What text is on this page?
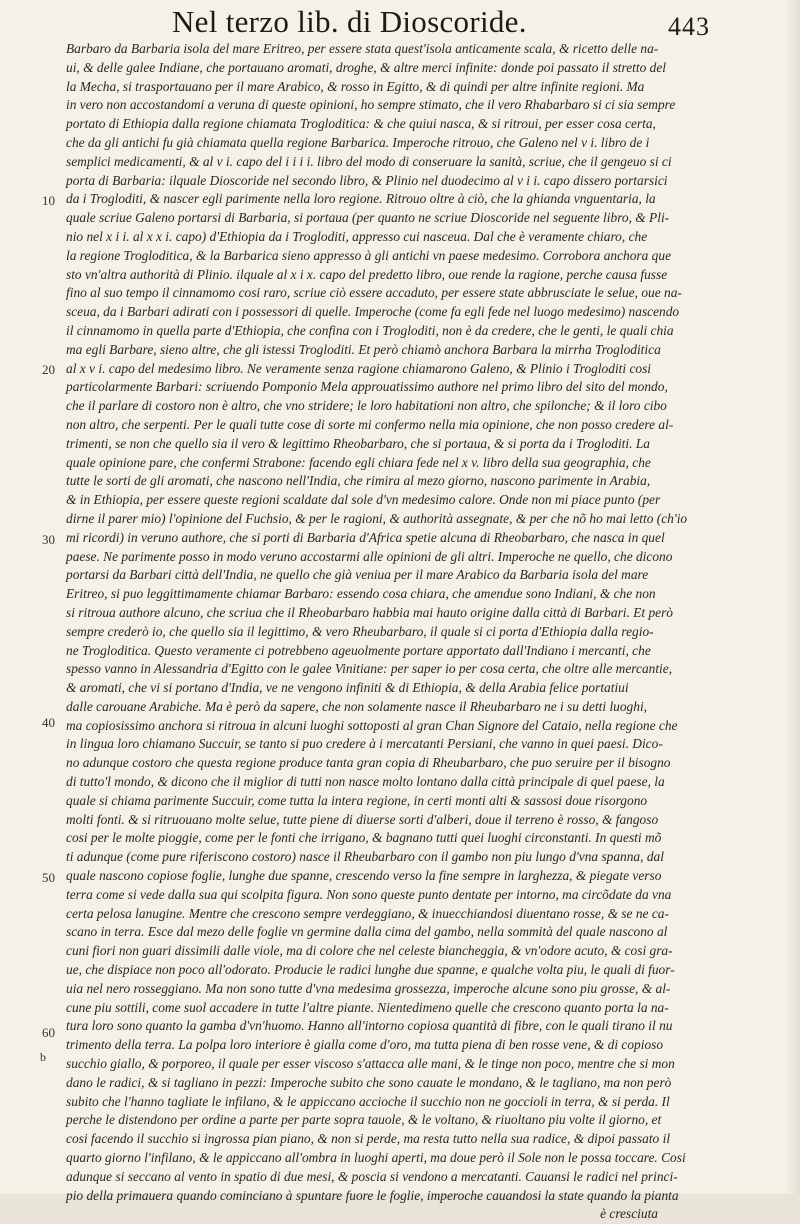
Nel terzo lib. di Dioscoride.	443
10
20
30
40
50
60
b
Barbaro da Barbaria isola del mare Eritreo, per essere stata quest'isola anticamente scala, & ricetto delle na-
ui, & delle galee Indiane, che portauano aromati, droghe, & altre merci infinite: donde poi passato il stretto del
la Mecha, si trasportauano per il mare Arabico, & rosso in Egitto, & di quindi per altre infinite regioni. Ma
in vero non accostandomi a veruna di queste opinioni, ho sempre stimato, che il vero Rhabarbaro si ci sia sempre
portato di Ethiopia dalla regione chiamata Trogloditica: & che quiui nasca, & si ritroui, per esser cosa certa,
che da gli antichi fu già chiamata quella regione Barbarica. Imperoche ritrouo, che Galeno nel v i. libro de i
semplici medicamenti, & al v i. capo del i i i i. libro del modo di conseruare la sanità, scriue, che il gengeuo si ci
porta di Barbaria: ilquale Dioscoride nel secondo libro, & Plinio nel duodecimo al v i i. capo dissero portarsici
da i Trogloditi, & nascer egli parimente nella loro regione. Ritrouo oltre à ciò, che la ghianda vnguentaria, la
quale scriue Galeno portarsi di Barbaria, si portaua (per quanto ne scriue Dioscoride nel seguente libro, & Pli-
nio nel x i i. al x x i. capo) d'Ethiopia da i Trogloditi, appresso cui nasceua. Dal che è veramente chiaro, che
la regione Trogloditica, & la Barbarica sieno appresso à gli antichi vn paese medesimo. Corrobora anchora que
sto vn'altra authorità di Plinio. ilquale al x i x. capo del predetto libro, oue rende la ragione, perche causa fusse
fino al suo tempo il cinnamomo cosi raro, scriue ciò essere accaduto, per essere state abbrusciate le selue, oue na-
sceua, da i Barbari adirati con i possessori di quelle. Imperoche (come fa egli fede nel luogo medesimo) nascendo
il cinnamomo in quella parte d'Ethiopia, che confina con i Trogloditi, non è da credere, che le genti, le quali chia
ma egli Barbare, sieno altre, che gli istessi Trogloditi. Et però chiamò anchora Barbara la mirrha Trogloditica
al x v i. capo del medesimo libro. Ne veramente senza ragione chiamarono Galeno, & Plinio i Trogloditi cosi
particolarmente Barbari: scriuendo Pomponio Mela approuatissimo authore nel primo libro del sito del mondo,
che il parlare di costoro non è altro, che vno stridere; le loro habitationi non altro, che spilonche; & il loro cibo
non altro, che serpenti. Per le quali tutte cose di sorte mi confermo nella mia opinione, che non posso credere al-
trimenti, se non che quello sia il vero & legittimo Rheobarbaro, che si portaua, & si porta da i Trogloditi. La
quale opinione pare, che confermi Strabone: facendo egli chiara fede nel x v. libro della sua geographia, che
tutte le sorti de gli aromati, che nascono nell'India, che rimira al mezo giorno, nascono parimente in Arabia,
& in Ethiopia, per essere queste regioni scaldate dal sole d'vn medesimo calore. Onde non mi piace punto (per
dirne il parer mio) l'opinione del Fuchsio, & per le ragioni, & authorità assegnate, & per che nõ ho mai letto (ch'io
mi ricordi) in veruno authore, che si porti di Barbaria d'Africa spetie alcuna di Rheobarbaro, che nasca in quel
paese. Ne parimente posso in modo veruno accostarmi alle opinioni de gli altri. Imperoche ne quello, che dicono
portarsi da Barbari città dell'India, ne quello che già veniua per il mare Arabico da Barbaria isola del mare
Eritreo, si puo leggittimamente chiamar Barbaro: essendo cosa chiara, che amendue sono Indiani, & che non
si ritroua authore alcuno, che scriua che il Rheobarbaro habbia mai hauto origine dalla città di Barbari. Et però
sempre crederò io, che quello sia il legittimo, & vero Rheubarbaro, il quale si ci porta d'Ethiopia dalla regio-
ne Trogloditica. Questo veramente ci potrebbeno ageuolmente portare apportato dall'Indiano i mercanti, che
spesso vanno in Alessandria d'Egitto con le galee Vinitiane: per saper io per cosa certa, che oltre alle mercantie,
& aromati, che vi si portano d'India, ve ne vengono infiniti & di Ethiopia, & della Arabia felice portatiui
dalle carouane Arabiche. Ma è però da sapere, che non solamente nasce il Rheubarbaro ne i su detti luoghi,
ma copiosissimo anchora si ritroua in alcuni luoghi sottoposti al gran Chan Signore del Cataio, nella regione che
in lingua loro chiamano Succuir, se tanto si puo credere à i mercatanti Persiani, che vanno in quei paesi. Dico-
no adunque costoro che questa regione produce tanta gran copia di Rheubarbaro, che puo seruire per il bisogno
di tutto'l mondo, & dicono che il miglior di tutti non nasce molto lontano dalla città principale di quel paese, la
quale si chiama parimente Succuir, come tutta la intera regione, in certi monti alti & sassosi doue risorgono
molti fonti. & si ritruouano molte selue, tutte piene di diuerse sorti d'alberi, doue il terreno è rosso, & fangoso
cosi per le molte pioggie, come per le fonti che irrigano, & bagnano tutti quei luoghi circonstanti. In questi mõ
ti adunque (come pure riferiscono costoro) nasce il Rheubarbaro con il gambo non piu lungo d'vna spanna, dal
quale nascono copiose foglie, lunghe due spanne, crescendo verso la fine sempre in larghezza, & piegate verso
terra come si vede dalla sua qui scolpita figura. Non sono queste punto dentate per intorno, ma circõdate da vna
certa pelosa lanugine. Mentre che crescono sempre verdeggiano, & inuecchiandosi diuentano rosse, & se ne ca-
scano in terra. Esce dal mezo delle foglie vn germine dalla cima del gambo, nella sommità del quale nascono al
cuni fiori non guari dissimili dalle viole, ma di colore che nel celeste biancheggia, & vn'odore acuto, & cosi gra-
ue, che dispiace non poco all'odorato. Producie le radici lunghe due spanne, e qualche volta piu, le quali di fuor-
uia nel nero rosseggiano. Ma non sono tutte d'vna medesima grossezza, imperoche alcune sono piu grosse, & al-
cune piu sottili, come suol accadere in tutte l'altre piante. Nientedimeno quelle che crescono quanto porta la na-
tura loro sono quanto la gamba d'vn'huomo. Hanno all'intorno copiosa quantità di fibre, con le quali tirano il nu
trimento della terra. La polpa loro interiore è gialla come d'oro, ma tutta piena di ben rosse vene, & di copioso
succhio giallo, & porporeo, il quale per esser viscoso s'attacca alle mani, & le tinge non poco, mentre che si mon
dano le radici, & si tagliano in pezzi: Imperoche subito che sono cauate le mondano, & le tagliano, ma non però
subito che l'hanno tagliate le infilano, & le appiccano accioche il succhio non ne goccioli in terra, & si perda. Il
perche le distendono per ordine a parte per parte sopra tauole, & le voltano, & riuoltano piu volte il giorno, et
cosi facendo il succhio si ingrossa pian piano, & non si perde, ma resta tutto nella sua radice, & dipoi passato il
quarto giorno l'infilano, & le appiccano all'ombra in luoghi aperti, ma doue però il Sole non le possa toccare. Cosi
adunque si seccano al vento in spatio di due mesi, & poscia si vendono a mercatanti. Cauansi le radici nel princi-
pio della primauera quando cominciano à spuntare fuore le foglie, imperoche cauandosi la state quando la pianta
è cresciuta
